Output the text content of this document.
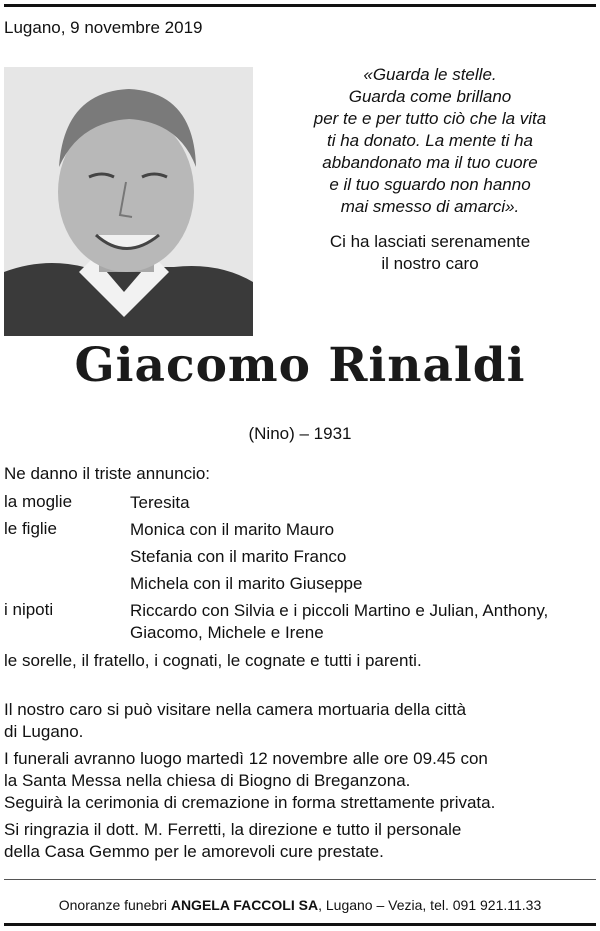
Lugano, 9 novembre 2019
«Guarda le stelle.
Guarda come brillano
per te e per tutto ciò che la vita
ti ha donato. La mente ti ha
abbandonato ma il tuo cuore
e il tuo sguardo non hanno
mai smesso di amarci».
Ci ha lasciati serenamente
il nostro caro
Giacomo Rinaldi
(Nino) – 1931
Ne danno il triste annuncio:
la moglie	Teresita
le figlie	Monica con il marito Mauro
Stefania con il marito Franco
Michela con il marito Giuseppe
i nipoti	Riccardo con Silvia e i piccoli Martino e Julian, Anthony,
Giacomo, Michele e Irene
le sorelle, il fratello, i cognati, le cognate e tutti i parenti.
Il nostro caro si può visitare nella camera mortuaria della città
di Lugano.
I funerali avranno luogo martedì 12 novembre alle ore 09.45 con
la Santa Messa nella chiesa di Biogno di Breganzona.
Seguirà la cerimonia di cremazione in forma strettamente privata.
Si ringrazia il dott. M. Ferretti, la direzione e tutto il personale
della Casa Gemmo per le amorevoli cure prestate.
Onoranze funebri ANGELA FACCOLI SA, Lugano – Vezia, tel. 091 921.11.33
